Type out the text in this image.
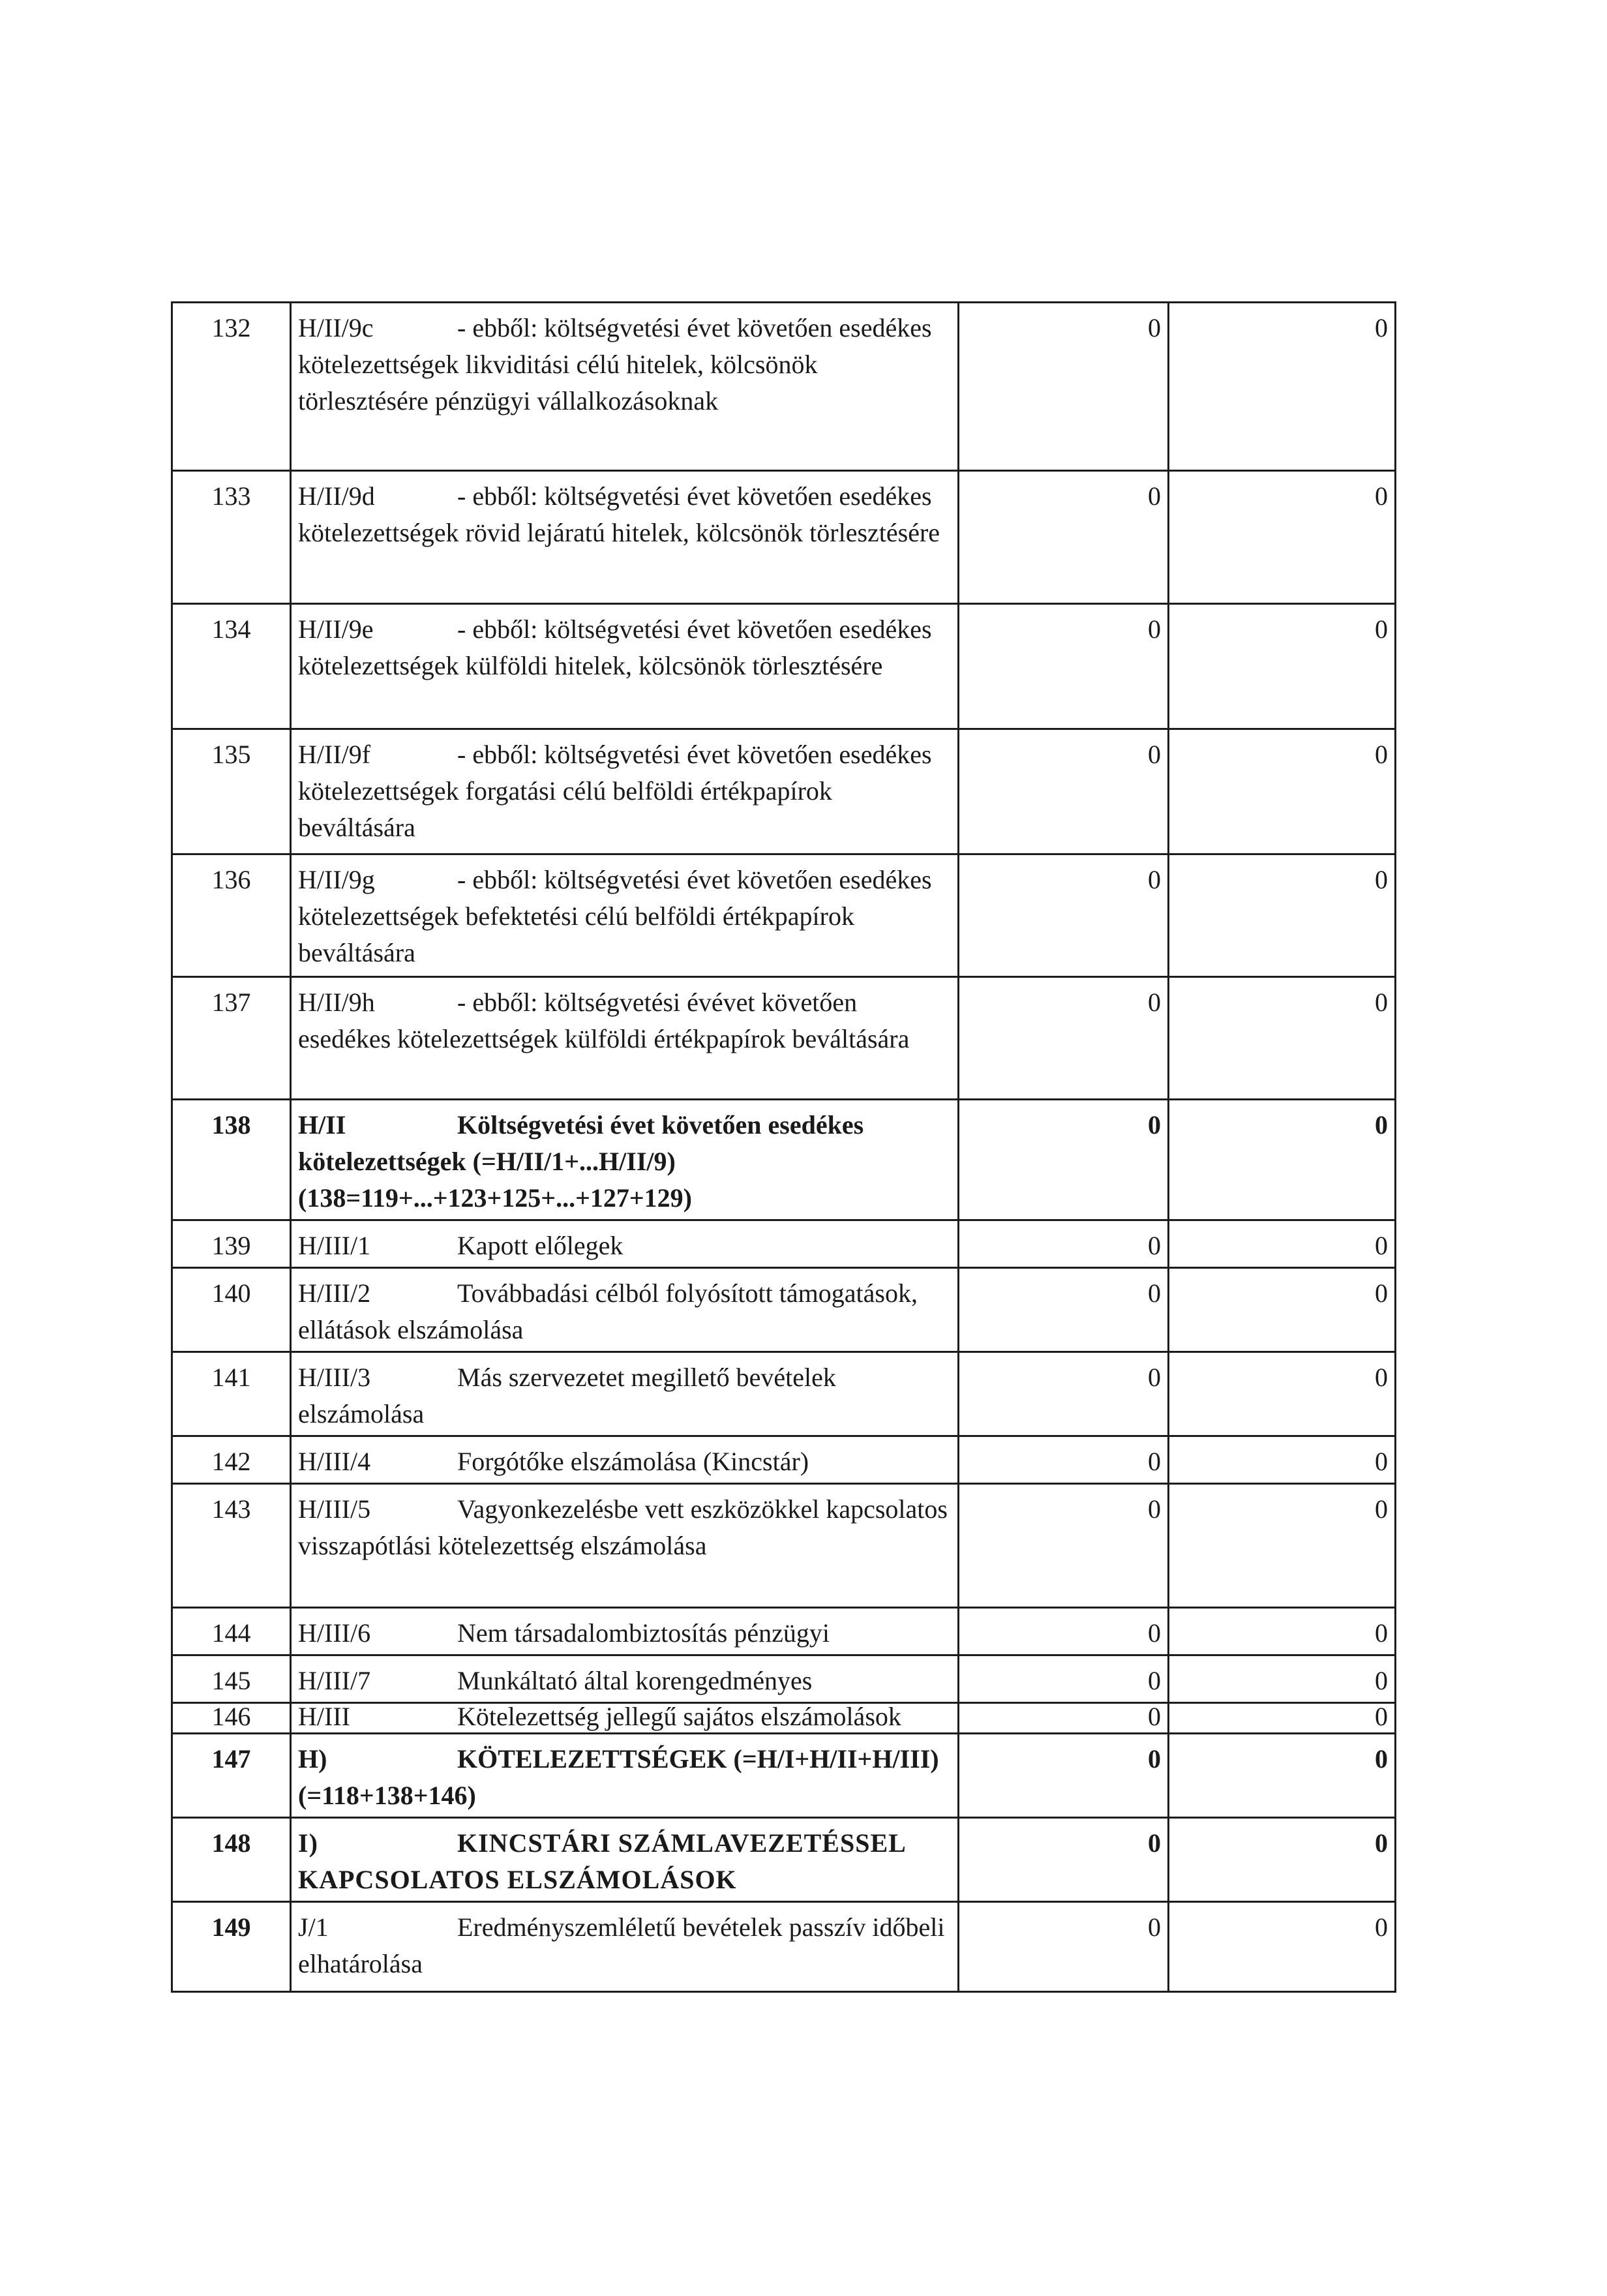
132	H/II/9c - ebből: költségvetési évet követően esedékes kötelezettségek likviditási célú hitelek, kölcsönök törlesztésére pénzügyi vállalkozásoknak	0	0
133	H/II/9d - ebből: költségvetési évet követően esedékes kötelezettségek rövid lejáratú hitelek, kölcsönök törlesztésére	0	0
134	H/II/9e - ebből: költségvetési évet követően esedékes kötelezettségek külföldi hitelek, kölcsönök törlesztésére	0	0
135	H/II/9f - ebből: költségvetési évet követően esedékes kötelezettségek forgatási célú belföldi értékpapírok beváltására	0	0
136	H/II/9g - ebből: költségvetési évet követően esedékes kötelezettségek befektetési célú belföldi értékpapírok beváltására	0	0
137	H/II/9h - ebből: költségvetési évévet követően esedékes kötelezettségek külföldi értékpapírok beváltására	0	0
138	H/II Költségvetési évet követően esedékes kötelezettségek (=H/II/1+...H/II/9) (138=119+...+123+125+...+127+129)	0	0
139	H/III/1 Kapott előlegek	0	0
140	H/III/2 Továbbadási célból folyósított támogatások, ellátások elszámolása	0	0
141	H/III/3 Más szervezetet megillető bevételek elszámolása	0	0
142	H/III/4 Forgótőke elszámolása (Kincstár)	0	0
143	H/III/5 Vagyonkezelésbe vett eszközökkel kapcsolatos visszapótlási kötelezettség elszámolása	0	0
144	H/III/6 Nem társadalombiztosítás pénzügyi	0	0
145	H/III/7 Munkáltató által korengedményes	0	0
146	H/III Kötelezettség jellegű sajátos elszámolások	0	0
147	H) KÖTELEZETTSÉGEK (=H/I+H/II+H/III) (=118+138+146)	0	0
148	I) KINCSTÁRI SZÁMLAVEZETÉSSEL KAPCSOLATOS ELSZÁMOLÁSOK	0	0
149	J/1 Eredményszemléletű bevételek passzív időbeli elhatárolása	0	0
